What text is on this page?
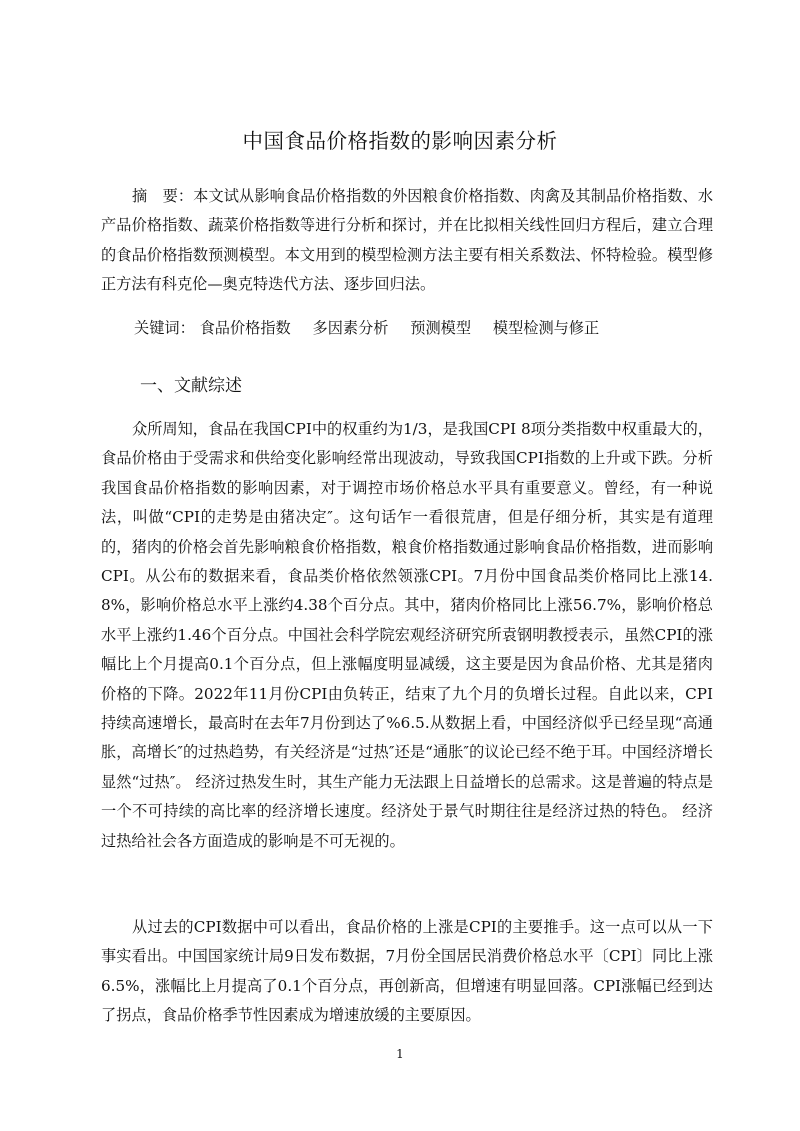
中国食品价格指数的影响因素分析

摘　要：本文试从影响食品价格指数的外因粮食价格指数、肉禽及其制品价格指数、水产品价格指数、蔬菜价格指数等进行分析和探讨，并在比拟相关线性回归方程后，建立合理的食品价格指数预测模型。本文用到的模型检测方法主要有相关系数法、怀特检验。模型修正方法有科克伦—奥克特迭代方法、逐步回归法。

关键词： 食品价格指数 多因素分析 预测模型 模型检测与修正
一、文献综述

众所周知，食品在我国CPI中的权重约为1/3，是我国CPI 8项分类指数中权重最大的，食品价格由于受需求和供给变化影响经常出现波动，导致我国CPI指数的上升或下跌。分析我国食品价格指数的影响因素，对于调控市场价格总水平具有重要意义。曾经，有一种说法，叫做“CPI的走势是由猪决定″。这句话乍一看很荒唐，但是仔细分析，其实是有道理的，猪肉的价格会首先影响粮食价格指数，粮食价格指数通过影响食品价格指数，进而影响CPI。从公布的数据来看，食品类价格依然领涨CPI。7月份中国食品类价格同比上涨14.8%，影响价格总水平上涨约4.38个百分点。其中，猪肉价格同比上涨56.7%，影响价格总水平上涨约1.46个百分点。中国社会科学院宏观经济研究所袁钢明教授表示，虽然CPI的涨幅比上个月提高0.1个百分点，但上涨幅度明显减缓，这主要是因为食品价格、尤其是猪肉价格的下降。2022年11月份CPI由负转正，结束了九个月的负增长过程。自此以来，CPI持续高速增长，最高时在去年7月份到达了%6.5.从数据上看，中国经济似乎已经呈现“高通胀，高增长″的过热趋势，有关经济是“过热″还是“通胀″的议论已经不绝于耳。中国经济增长显然“过热″。 经济过热发生时，其生产能力无法跟上日益增长的总需求。这是普遍的特点是一个不可持续的高比率的经济增长速度。经济处于景气时期往往是经济过热的特色。 经济过热给社会各方面造成的影响是不可无视的。

从过去的CPI数据中可以看出，食品价格的上涨是CPI的主要推手。这一点可以从一下事实看出。中国国家统计局9日发布数据，7月份全国居民消费价格总水平〔CPI〕同比上涨6.5%，涨幅比上月提高了0.1个百分点，再创新高，但增速有明显回落。CPI涨幅已经到达了拐点，食品价格季节性因素成为增速放缓的主要原因。

1
